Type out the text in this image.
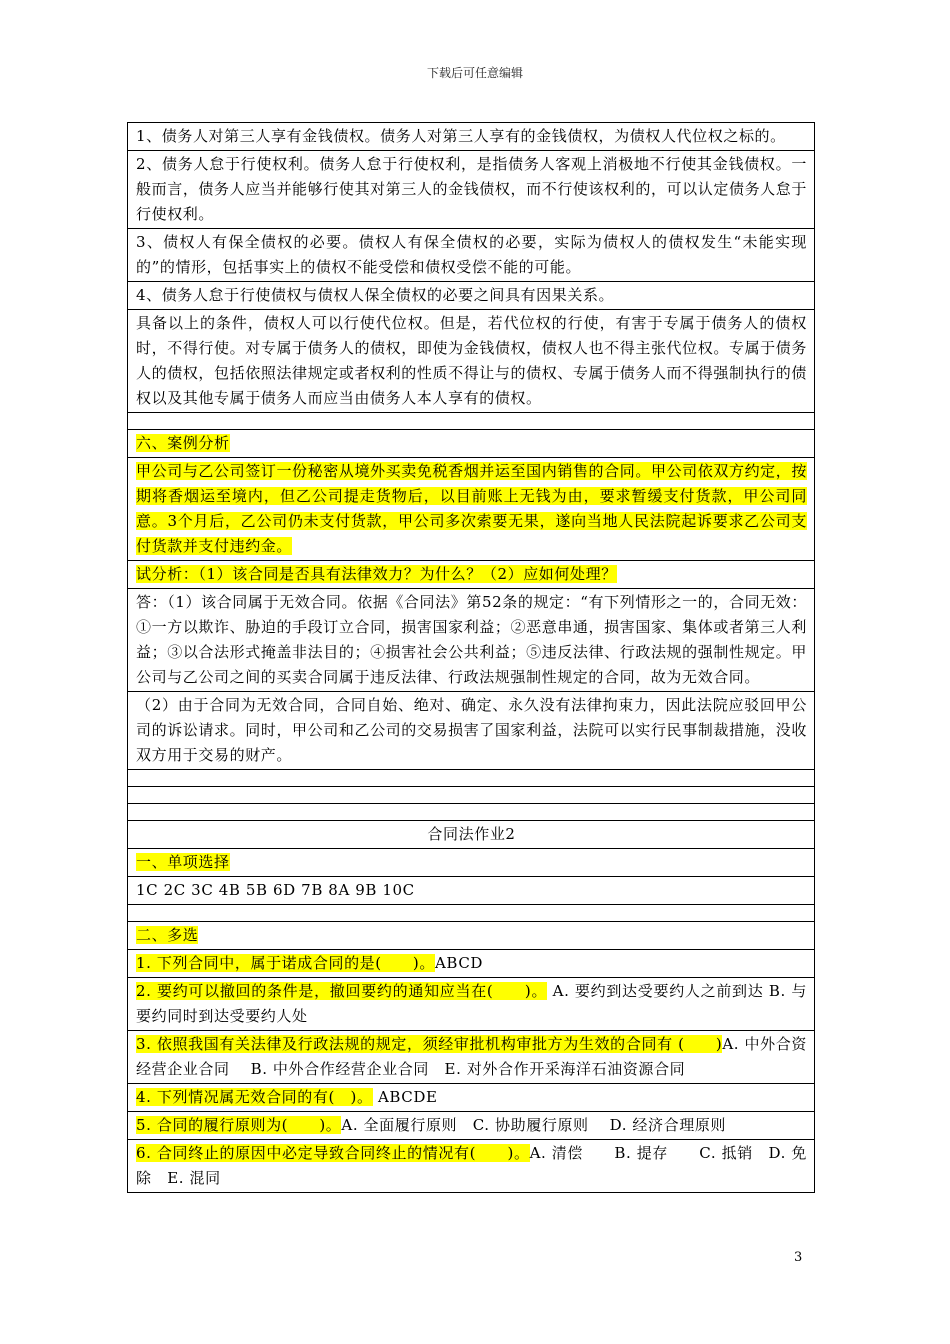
下载后可任意编辑
1、债务人对第三人享有金钱债权。债务人对第三人享有的金钱债权，为债权人代位权之标的。
2、债务人怠于行使权利。债务人怠于行使权利，是指债务人客观上消极地不行使其金钱债权。一般而言，债务人应当并能够行使其对第三人的金钱债权，而不行使该权利的，可以认定债务人怠于行使权利。
3、债权人有保全债权的必要。债权人有保全债权的必要，实际为债权人的债权发生“未能实现的”的情形，包括事实上的债权不能受偿和债权受偿不能的可能。
4、债务人怠于行使债权与债权人保全债权的必要之间具有因果关系。
具备以上的条件，债权人可以行使代位权。但是，若代位权的行使，有害于专属于债务人的债权时，不得行使。对专属于债务人的债权，即使为金钱债权，债权人也不得主张代位权。专属于债务人的债权，包括依照法律规定或者权利的性质不得让与的债权、专属于债务人而不得强制执行的债权以及其他专属于债务人而应当由债务人本人享有的债权。

六、案例分析
甲公司与乙公司签订一份秘密从境外买卖免税香烟并运至国内销售的合同。甲公司依双方约定，按期将香烟运至境内，但乙公司提走货物后，以目前账上无钱为由，要求暂缓支付货款，甲公司同意。3个月后，乙公司仍未支付货款，甲公司多次索要无果，遂向当地人民法院起诉要求乙公司支付货款并支付违约金。
试分析：（1）该合同是否具有法律效力？为什么？（2）应如何处理？
答：（1）该合同属于无效合同。依据《合同法》第52条的规定：“有下列情形之一的，合同无效：①一方以欺诈、胁迫的手段订立合同，损害国家利益；②恶意串通，损害国家、集体或者第三人利益；③以合法形式掩盖非法目的；④损害社会公共利益；⑤违反法律、行政法规的强制性规定。甲公司与乙公司之间的买卖合同属于违反法律、行政法规强制性规定的合同，故为无效合同。
（2）由于合同为无效合同，合同自始、绝对、确定、永久没有法律拘束力，因此法院应驳回甲公司的诉讼请求。同时，甲公司和乙公司的交易损害了国家利益，法院可以实行民事制裁措施，没收双方用于交易的财产。

合同法作业2
一、单项选择
1C 2C 3C 4B 5B 6D 7B 8A 9B 10C

二、多选
1. 下列合同中，属于诺成合同的是(　　)。ABCD
2. 要约可以撤回的条件是，撤回要约的通知应当在(　　)。 A. 要约到达受要约人之前到达 B. 与要约同时到达受要约人处
3. 依照我国有关法律及行政法规的规定，须经审批机构审批方为生效的合同有 (　　)A. 中外合资经营企业合同　 B. 中外合作经营企业合同　E. 对外合作开采海洋石油资源合同
4. 下列情况属无效合同的有(　)。 ABCDE
5. 合同的履行原则为(　　)。A. 全面履行原则　C. 协助履行原则　 D. 经济合理原则
6. 合同终止的原因中必定导致合同终止的情况有(　　)。A. 清偿　　B. 提存　　C. 抵销　D. 免除　E. 混同
3
